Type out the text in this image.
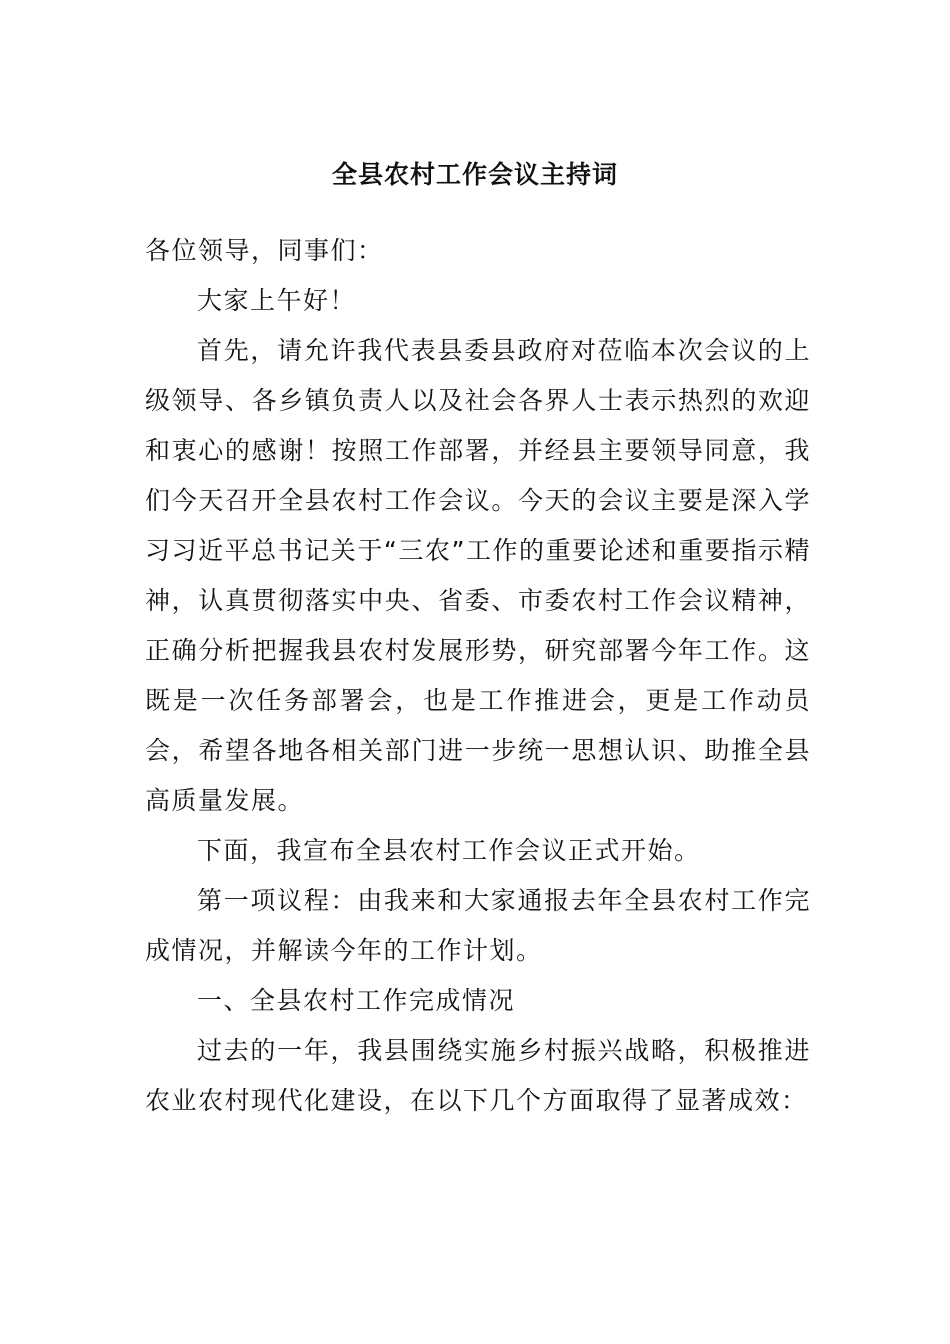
全县农村工作会议主持词

各位领导，同事们：

大家上午好！

首先，请允许我代表县委县政府对莅临本次会议的上级领导、各乡镇负责人以及社会各界人士表示热烈的欢迎和衷心的感谢！按照工作部署，并经县主要领导同意，我们今天召开全县农村工作会议。今天的会议主要是深入学习习近平总书记关于“三农”工作的重要论述和重要指示精神，认真贯彻落实中央、省委、市委农村工作会议精神，正确分析把握我县农村发展形势，研究部署今年工作。这既是一次任务部署会，也是工作推进会，更是工作动员会，希望各地各相关部门进一步统一思想认识、助推全县高质量发展。

下面，我宣布全县农村工作会议正式开始。

第一项议程：由我来和大家通报去年全县农村工作完成情况，并解读今年的工作计划。

一、全县农村工作完成情况

过去的一年，我县围绕实施乡村振兴战略，积极推进农业农村现代化建设，在以下几个方面取得了显著成效：
